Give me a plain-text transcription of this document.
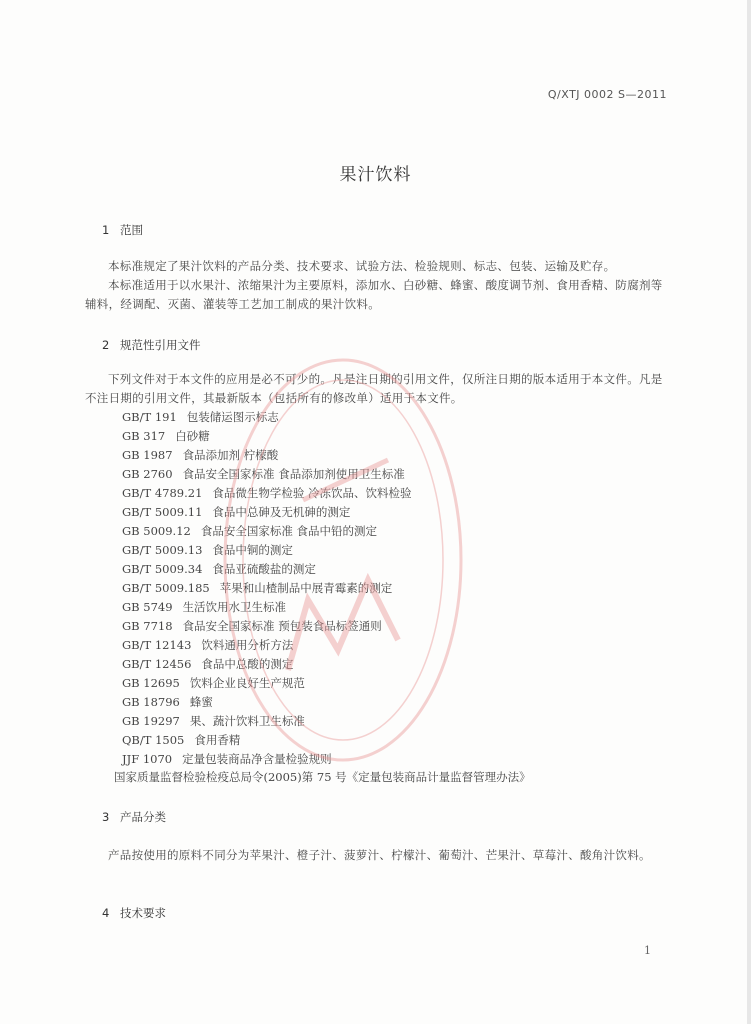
Q/XTJ 0002 S—2011
果汁饮料
1 范围
本标准规定了果汁饮料的产品分类、技术要求、试验方法、检验规则、标志、包装、运输及贮存。
本标准适用于以水果汁、浓缩果汁为主要原料，添加水、白砂糖、蜂蜜、酸度调节剂、食用香精、防腐剂等辅料，经调配、灭菌、灌装等工艺加工制成的果汁饮料。
2 规范性引用文件
下列文件对于本文件的应用是必不可少的。凡是注日期的引用文件，仅所注日期的版本适用于本文件。凡是不注日期的引用文件，其最新版本（包括所有的修改单）适用于本文件。
GB/T 191 包装储运图示标志
GB 317 白砂糖
GB 1987 食品添加剂 柠檬酸
GB 2760 食品安全国家标准 食品添加剂使用卫生标准
GB/T 4789.21 食品微生物学检验 冷冻饮品、饮料检验
GB/T 5009.11 食品中总砷及无机砷的测定
GB 5009.12 食品安全国家标准 食品中铅的测定
GB/T 5009.13 食品中铜的测定
GB/T 5009.34 食品亚硫酸盐的测定
GB/T 5009.185 苹果和山楂制品中展青霉素的测定
GB 5749 生活饮用水卫生标准
GB 7718 食品安全国家标准 预包装食品标签通则
GB/T 12143 饮料通用分析方法
GB/T 12456 食品中总酸的测定
GB 12695 饮料企业良好生产规范
GB 18796 蜂蜜
GB 19297 果、蔬汁饮料卫生标准
QB/T 1505 食用香精
JJF 1070 定量包装商品净含量检验规则
国家质量监督检验检疫总局令(2005)第 75 号《定量包装商品计量监督管理办法》
3 产品分类
产品按使用的原料不同分为苹果汁、橙子汁、菠萝汁、柠檬汁、葡萄汁、芒果汁、草莓汁、酸角汁饮料。
4 技术要求
1
